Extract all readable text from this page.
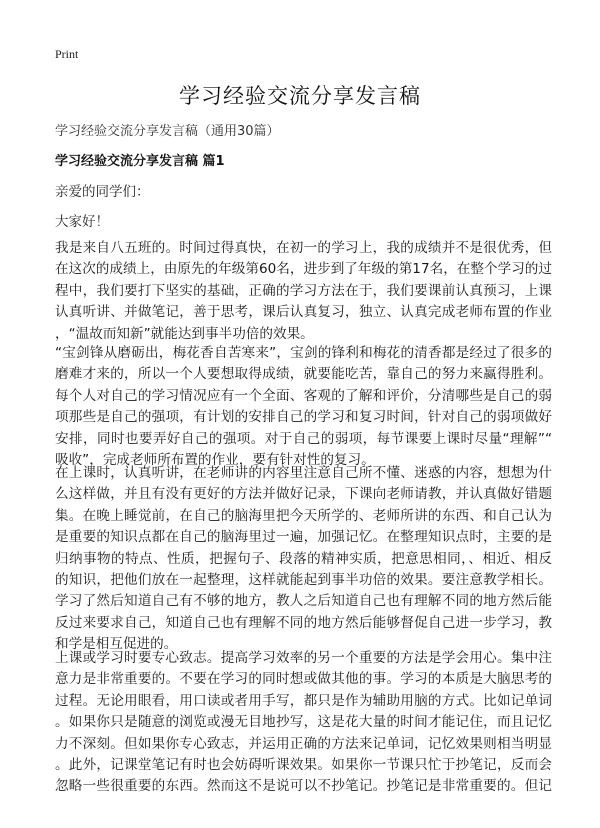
Print
学习经验交流分享发言稿
学习经验交流分享发言稿（通用30篇）
学习经验交流分享发言稿 篇1
亲爱的同学们：
大家好！
我是来自八五班的。时间过得真快，在初一的学习上，我的成绩并不是很优秀，但
在这次的成绩上，由原先的年级第60名，进步到了年级的第17名，在整个学习的过
程中，我们要打下坚实的基础，正确的学习方法在于，我们要课前认真预习，上课
认真听讲、并做笔记，善于思考，课后认真复习，独立、认真完成老师布置的作业
，“温故而知新”就能达到事半功倍的效果。
“宝剑锋从磨砺出，梅花香自苦寒来”，宝剑的锋利和梅花的清香都是经过了很多的
磨难才来的，所以一个人要想取得成绩，就要能吃苦，靠自己的努力来赢得胜利。
每个人对自己的学习情况应有一个全面、客观的了解和评价，分清哪些是自己的弱
项那些是自己的强项，有计划的安排自己的学习和复习时间，针对自己的弱项做好
安排，同时也要弄好自己的强项。对于自己的弱项，每节课要上课时尽量“理解”“
吸收”，完成老师所布置的作业，要有针对性的复习。
在上课时，认真听讲，在老师讲的内容里注意自己所不懂、迷惑的内容，想想为什
么这样做，并且有没有更好的方法并做好记录，下课向老师请教，并认真做好错题
集。在晚上睡觉前，在自己的脑海里把今天所学的、老师所讲的东西、和自己认为
是重要的知识点都在自己的脑海里过一遍，加强记忆。在整理知识点时，主要的是
归纳事物的特点、性质，把握句子、段落的精神实质，把意思相同，、相近、相反
的知识，把他们放在一起整理，这样就能起到事半功倍的效果。要注意教学相长。
学习了然后知道自己有不够的地方，教人之后知道自己也有理解不同的地方然后能
反过来要求自己，知道自己也有理解不同的地方然后能够督促自己进一步学习，教
和学是相互促进的。
上课或学习时要专心致志。提高学习效率的另一个重要的方法是学会用心。集中注
意力是非常重要的。不要在学习的同时想或做其他的事。学习的本质是大脑思考的
过程。无论用眼看，用口读或者用手写，都只是作为辅助用脑的方式。比如记单词
。如果你只是随意的浏览或漫无目地抄写，这是花大量的时间才能记住，而且记忆
力不深刻。但如果你专心致志，并运用正确的方法来记单词，记忆效果则相当明显
。此外，记课堂笔记有时也会妨碍听课效果。如果你一节课只忙于抄笔记，反而会
忽略一些很重要的东西。然而这不是说可以不抄笔记。抄笔记是非常重要的。但记
